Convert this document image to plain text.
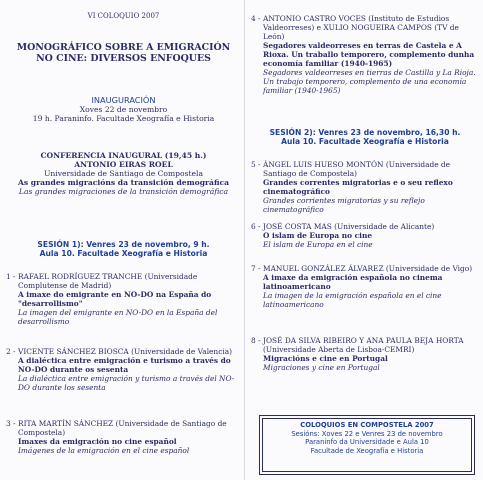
VI COLOQUIO 2007
MONOGRÁFICO SOBRE A EMIGRACIÓN
NO CINE: DIVERSOS ENFOQUES
INAUGURACIÓN
Xoves 22 de novembro
19 h. Paraninfo. Facultade Xeografía e Historia
CONFERENCIA INAUGURAL (19,45 h.)
ANTONIO EIRAS ROEL
Universidade de Santiago de Compostela
As grandes migracións da transición demográfica
Las grandes migraciones de la transición demográfica
SESIÓN 1): Venres 23 de novembro, 9 h.
Aula 10. Facultade Xeografía e Historia
1 - RAFAEL RODRÍGUEZ TRANCHE (Universidade Complutense de Madrid)
A imaxe do emigrante en NO-DO na España do "desarrollismo"
La imagen del emigrante en NO-DO en la España del desarrollismo
2 - VICENTE SÁNCHEZ BIOSCA (Universidade de Valencia)
A dialéctica entre emigración e turismo a través do NO-DO durante os sesenta
La dialéctica entre emigración y turismo a través del NO-DO durante los sesenta
3 - RITA MARTÍN SÁNCHEZ (Universidade de Santiago de Compostela)
Imaxes da emigración no cine español
Imágenes de la emigración en el cine español
4 - ANTONIO CASTRO VOCES (Instituto de Estudios Valdeorreses) e XULIO NOGUEIRA CAMPOS (TV de León)
Segadores valdeorreses en terras de Castela e A Rioxa. Un traballo temporero, complemento dunha economía familiar (1940-1965)
Segadores valdeorreses en tierras de Castilla y La Rioja. Un trabajo temporero, complemento de una economía familiar (1940-1965)
SESIÓN 2): Venres 23 de novembro, 16,30 h.
Aula 10. Facultade Xeografía e Historia
5 - ÁNGEL LUIS HUESO MONTÓN (Universidade de Santiago de Compostela)
Grandes correntes migratorias e o seu reflexo cinematográfico
Grandes corrientes migratorias y su reflejo cinematográfico
6 - JOSÉ COSTA MAS (Universidade de Alicante)
O islam de Europa no cine
El islam de Europa en el cine
7 - MANUEL GONZÁLEZ ÁLVAREZ (Universidade de Vigo)
A imaxe da emigración española no cinema latinoamericano
La imagen de la emigración española en el cine latinoamericano
8 - JOSÉ DA SILVA RIBEIRO Y ANA PAULA BEJA HORTA (Universidade Aberta de Lisboa-CEMRI)
Migracións e cine en Portugal
Migraciones y cine en Portugal
COLOQUIOS EN COMPOSTELA 2007
Sesións: Xoves 22 e Venres 23 de novembro
Paraninfo da Universidade e Aula 10
Facultade de Xeografía e Historia
